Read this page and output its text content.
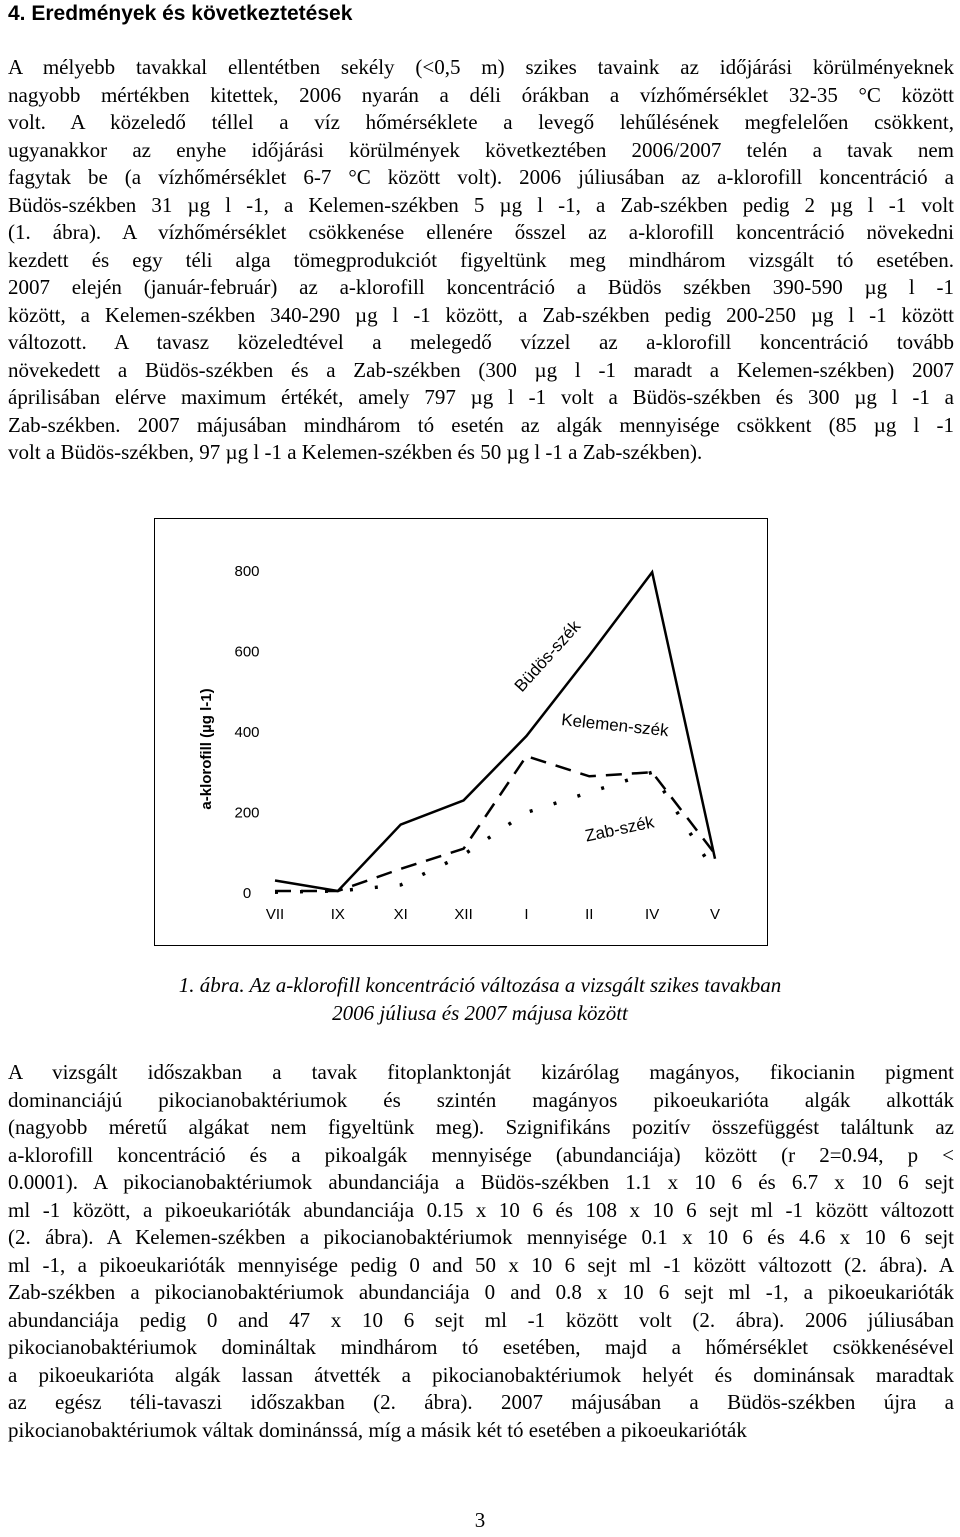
4. Eredmények és következtetések
A mélyebb tavakkal ellentétben sekély (<0,5 m) szikes tavaink az időjárási körülményeknek
nagyobb mértékben kitettek, 2006 nyarán a déli órákban a vízhőmérséklet 32-35 °C között
volt. A közeledő téllel a víz hőmérséklete a levegő lehűlésének megfelelően csökkent,
ugyanakkor az enyhe időjárási körülmények következtében 2006/2007 telén a tavak nem
fagytak be (a vízhőmérséklet 6-7 °C között volt). 2006 júliusában az a-klorofill koncentráció a
Büdös-székben 31 µg l -1, a Kelemen-székben 5 µg l -1, a Zab-székben pedig 2 µg l -1 volt
(1. ábra). A vízhőmérséklet csökkenése ellenére ősszel az a-klorofill koncentráció növekedni
kezdett és egy téli alga tömegprodukciót figyeltünk meg mindhárom vizsgált tó esetében.
2007 elején (január-február) az a-klorofill koncentráció a Büdös székben 390-590 µg l -1
között, a Kelemen-székben 340-290 µg l -1 között, a Zab-székben pedig 200-250 µg l -1 között
változott. A tavasz közeledtével a melegedő vízzel az a-klorofill koncentráció tovább
növekedett a Büdös-székben és a Zab-székben (300 µg l -1 maradt a Kelemen-székben) 2007
áprilisában elérve maximum értékét, amely 797 µg l -1 volt a Büdös-székben és 300 µg l -1 a
Zab-székben. 2007 májusában mindhárom tó esetén az algák mennyisége csökkent (85 µg l -1
volt a Büdös-székben, 97 µg l -1 a Kelemen-székben és 50 µg l -1 a Zab-székben).
0
200
400
600
800
VII	IX	XI	XII	I	II	IV	V
a-klorofill (µg l-1)
Büdös-szék
Kelemen-szék
Zab-szék

1. ábra. Az a-klorofill koncentráció változása a vizsgált szikes tavakban

2006 júliusa és 2007 májusa között

A vizsgált időszakban a tavak fitoplanktonját kizárólag magányos, fikocianin pigment
dominanciájú pikocianobaktériumok és szintén magányos pikoeukarióta algák alkották
(nagyobb méretű algákat nem figyeltünk meg). Szignifikáns pozitív összefüggést találtunk az
a-klorofill koncentráció és a pikoalgák mennyisége (abundanciája) között (r 2=0.94, p <
0.0001). A pikocianobaktériumok abundanciája a Büdös-székben 1.1 x 10 6 és 6.7 x 10 6 sejt
ml -1 között, a pikoeukarióták abundanciája 0.15 x 10 6 és 108 x 10 6 sejt ml -1 között változott
(2. ábra). A Kelemen-székben a pikocianobaktériumok mennyisége 0.1 x 10 6 és 4.6 x 10 6 sejt
ml -1, a pikoeukarióták mennyisége pedig 0 and 50 x 10 6 sejt ml -1 között változott (2. ábra). A
Zab-székben a pikocianobaktériumok abundanciája 0 and 0.8 x 10 6 sejt ml -1, a pikoeukarióták
abundanciája pedig 0 and 47 x 10 6 sejt ml -1 között volt (2. ábra). 2006 júliusában
pikocianobaktériumok domináltak mindhárom tó esetében, majd a hőmérséklet csökkenésével
a pikoeukarióta algák lassan átvették a pikocianobaktériumok helyét és dominánsak maradtak
az egész téli-tavaszi időszakban (2. ábra). 2007 májusában a Büdös-székben újra a
pikocianobaktériumok váltak dominánssá, míg a másik két tó esetében a pikoeukarióták

3
